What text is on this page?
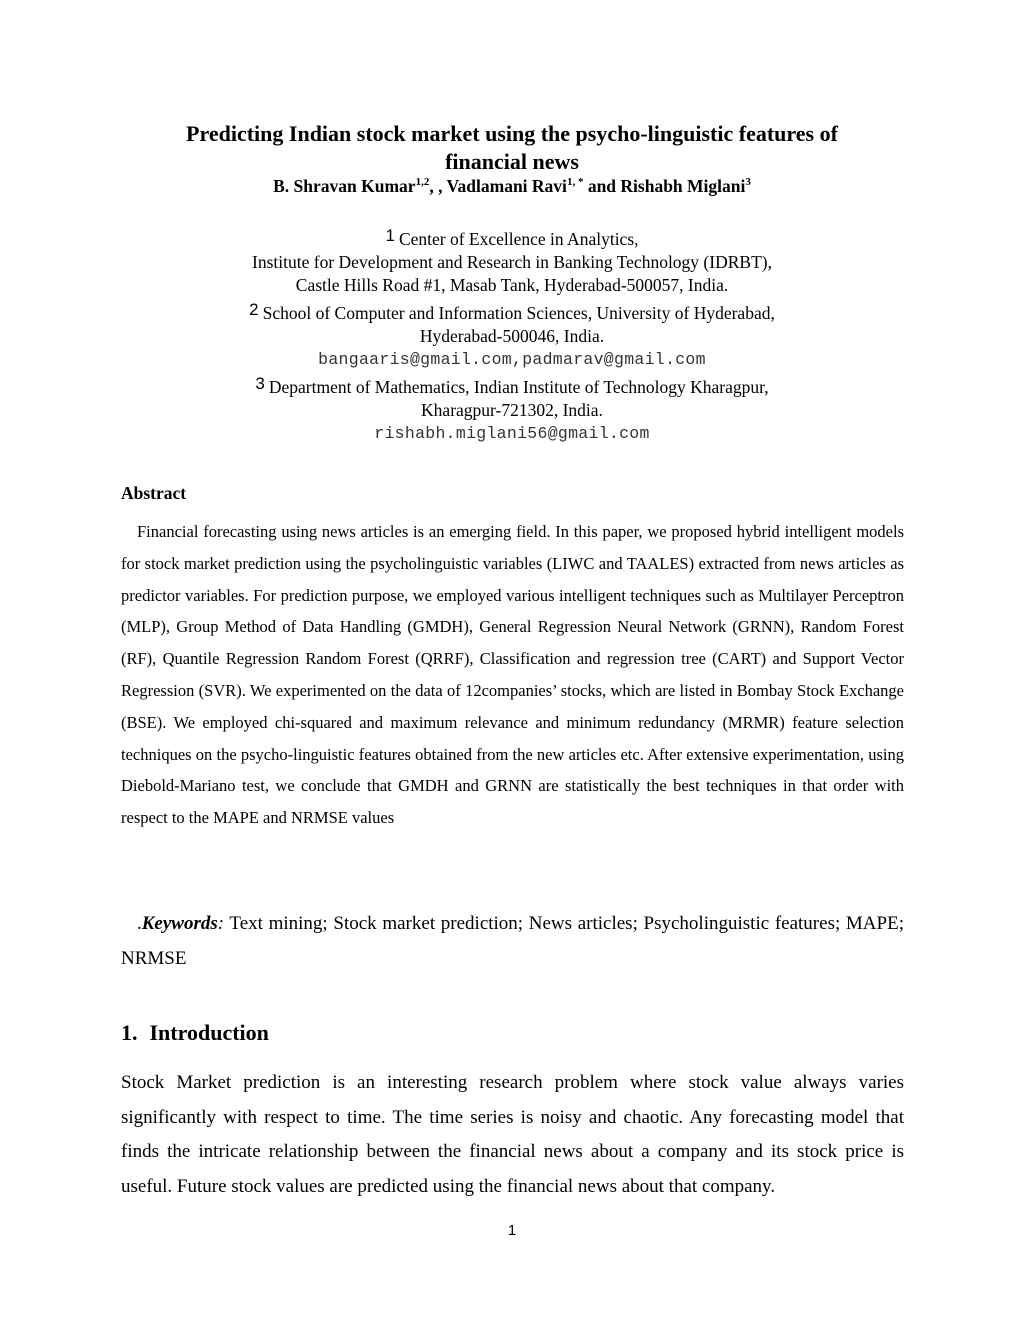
Predicting Indian stock market using the psycho-linguistic features of
financial news
B. Shravan Kumar$^{1,2}$, , Vadlamani Ravi$^{1, *}$ and Rishabh Miglani$^3$
1 Center of Excellence in Analytics,
Institute for Development and Research in Banking Technology (IDRBT),
Castle Hills Road #1, Masab Tank, Hyderabad-500057, India.
2 School of Computer and Information Sciences, University of Hyderabad,
Hyderabad-500046, India.
bangaaris@gmail.com,padmarav@gmail.com
3 Department of Mathematics, Indian Institute of Technology Kharagpur,
Kharagpur-721302, India.
rishabh.miglani56@gmail.com
Abstract
Financial forecasting using news articles is an emerging field. In this paper, we proposed hybrid intelligent models for stock market prediction using the psycholinguistic variables (LIWC and TAALES) extracted from news articles as predictor variables. For prediction purpose, we employed various intelligent techniques such as Multilayer Perceptron (MLP), Group Method of Data Handling (GMDH), General Regression Neural Network (GRNN), Random Forest (RF), Quantile Regression Random Forest (QRRF), Classification and regression tree (CART) and Support Vector Regression (SVR). We experimented on the data of 12companies’ stocks, which are listed in Bombay Stock Exchange (BSE). We employed chi-squared and maximum relevance and minimum redundancy (MRMR) feature selection techniques on the psycho-linguistic features obtained from the new articles etc. After extensive experimentation, using Diebold-Mariano test, we conclude that GMDH and GRNN are statistically the best techniques in that order with respect to the MAPE and NRMSE values
.Keywords: Text mining; Stock market prediction; News articles; Psycholinguistic features; MAPE; NRMSE
1. Introduction
Stock Market prediction is an interesting research problem where stock value always varies significantly with respect to time. The time series is noisy and chaotic. Any forecasting model that finds the intricate relationship between the financial news about a company and its stock price is useful. Future stock values are predicted using the financial news about that company.
1
